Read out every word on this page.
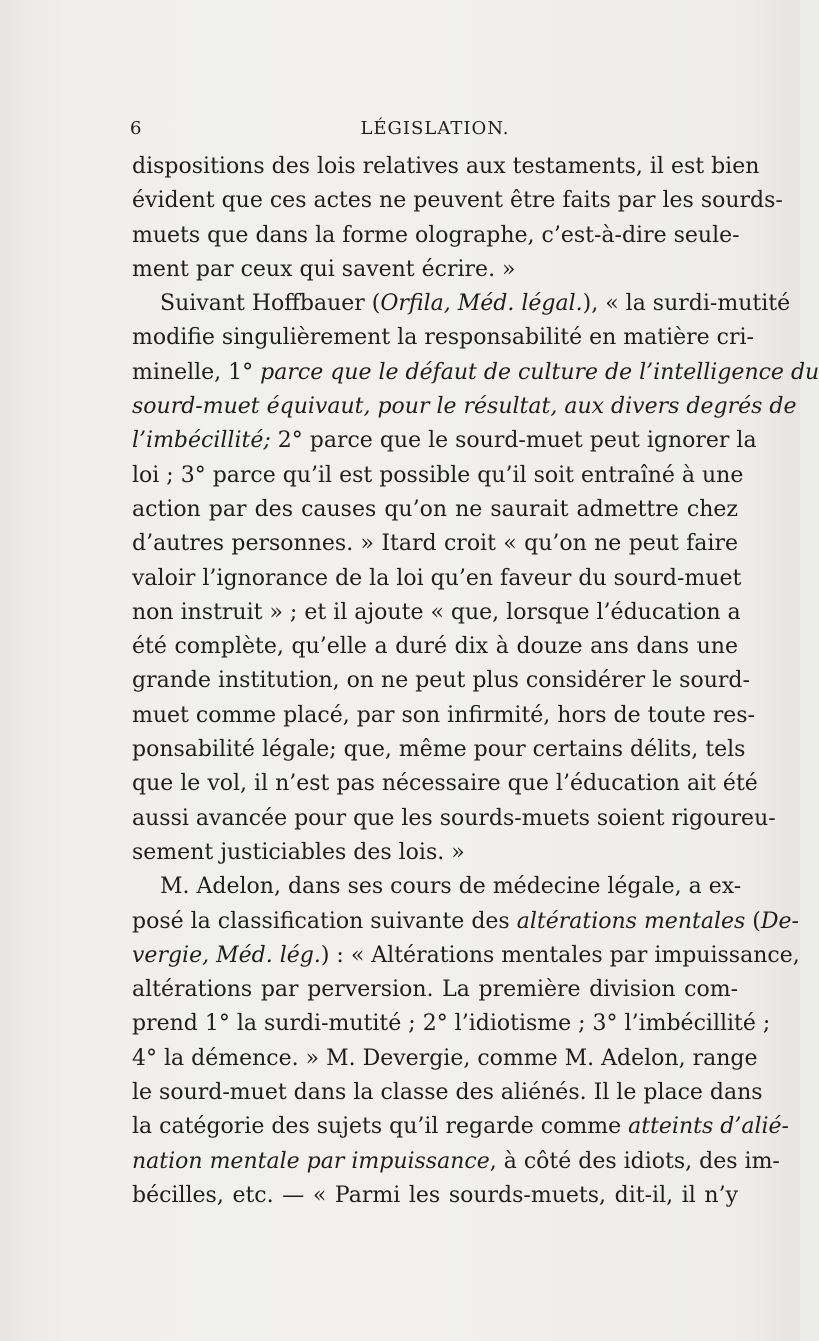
6	LÉGISLATION.
dispositions des lois relatives aux testaments, il est bien
évident que ces actes ne peuvent être faits par les sourds-
muets que dans la forme olographe, c’est-à-dire seule-
ment par ceux qui savent écrire. »
Suivant Hoffbauer (Orfila, Méd. légal.), « la surdi-mutité
modifie singulièrement la responsabilité en matière cri-
minelle, 1° parce que le défaut de culture de l’intelligence du
sourd-muet équivaut, pour le résultat, aux divers degrés de
l’imbécillité; 2° parce que le sourd-muet peut ignorer la
loi ; 3° parce qu’il est possible qu’il soit entraîné à une
action par des causes qu’on ne saurait admettre chez
d’autres personnes. » Itard croit « qu’on ne peut faire
valoir l’ignorance de la loi qu’en faveur du sourd-muet
non instruit » ; et il ajoute « que, lorsque l’éducation a
été complète, qu’elle a duré dix à douze ans dans une
grande institution, on ne peut plus considérer le sourd-
muet comme placé, par son infirmité, hors de toute res-
ponsabilité légale; que, même pour certains délits, tels
que le vol, il n’est pas nécessaire que l’éducation ait été
aussi avancée pour que les sourds-muets soient rigoureu-
sement justiciables des lois. »
M. Adelon, dans ses cours de médecine légale, a ex-
posé la classification suivante des altérations mentales (De-
vergie, Méd. lég.) : « Altérations mentales par impuissance,
altérations par perversion. La première division com-
prend 1° la surdi-mutité ; 2° l’idiotisme ; 3° l’imbécillité ;
4° la démence. » M. Devergie, comme M. Adelon, range
le sourd-muet dans la classe des aliénés. Il le place dans
la catégorie des sujets qu’il regarde comme atteints d’alié-
nation mentale par impuissance, à côté des idiots, des im-
bécilles, etc. — « Parmi les sourds-muets, dit-il, il n’y
